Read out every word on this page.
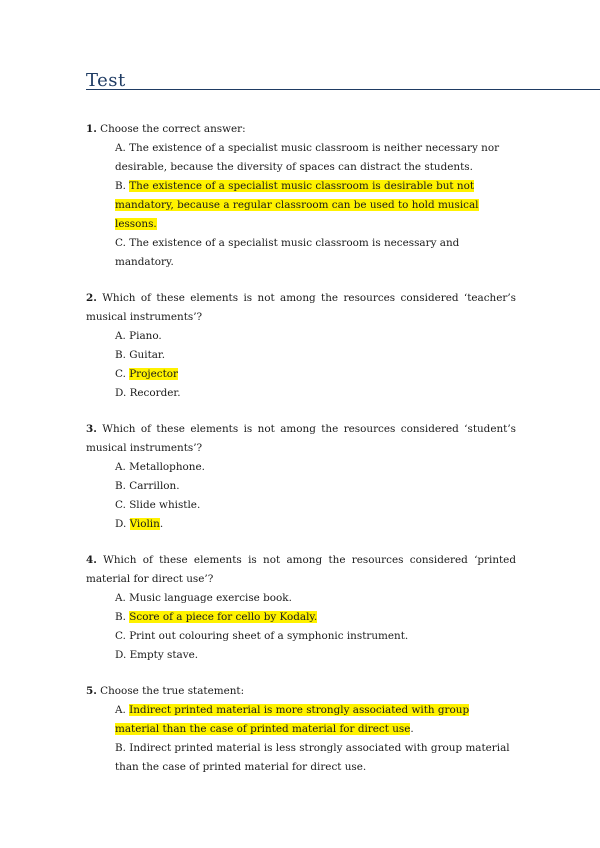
Test
1. Choose the correct answer:
A. The existence of a specialist music classroom is neither necessary nor desirable, because the diversity of spaces can distract the students.
B. The existence of a specialist music classroom is desirable but not mandatory, because a regular classroom can be used to hold musical lessons.
C. The existence of a specialist music classroom is necessary and mandatory.
2. Which of these elements is not among the resources considered ‘teacher’s musical instruments’?
A. Piano.
B. Guitar.
C. Projector
D. Recorder.
3. Which of these elements is not among the resources considered ‘student’s musical instruments’?
A. Metallophone.
B. Carrillon.
C. Slide whistle.
D. Violin.
4. Which of these elements is not among the resources considered ‘printed material for direct use’?
A. Music language exercise book.
B. Score of a piece for cello by Kodaly.
C. Print out colouring sheet of a symphonic instrument.
D. Empty stave.
5. Choose the true statement:
A. Indirect printed material is more strongly associated with group material than the case of printed material for direct use.
B. Indirect printed material is less strongly associated with group material than the case of printed material for direct use.
